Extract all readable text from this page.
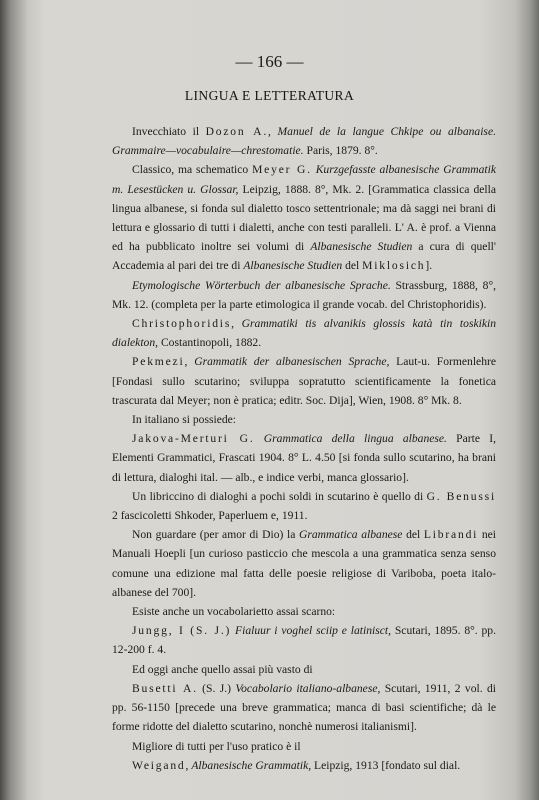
— 166 —
LINGUA E LETTERATURA

Invecchiato il Dozon A., Manuel de la langue Chkipe ou albanaise. Grammaire—vocabulaire—chrestomatie. Paris, 1879. 8°.

Classico, ma schematico Meyer G. Kurzgefasste albanesische Grammatik m. Lesestücken u. Glossar, Leipzig, 1888. 8°, Mk. 2. [Grammatica classica della lingua albanese, si fonda sul dialetto tosco settentrionale; ma dà saggi nei brani di lettura e glossario di tutti i dialetti, anche con testi paralleli. L' A. è prof. a Vienna ed ha pubblicato inoltre sei volumi di Albanesische Studien a cura di quell' Accademia al pari dei tre di Albanesische Studien del Miklosich].

Etymologische Wörterbuch der albanesische Sprache. Strassburg, 1888, 8°, Mk. 12. (completa per la parte etimologica il grande vocab. del Christophoridis).

Christophoridis, Grammatiki tis alvanikis glossis katà tin toskikin dialekton, Costantinopoli, 1882.

Pekmezi, Grammatik der albanesischen Sprache, Laut-u. Formenlehre [Fondasi sullo scutarino; sviluppa sopratutto scientificamente la fonetica trascurata dal Meyer; non è pratica; editr. Soc. Dija], Wien, 1908. 8° Mk. 8.

In italiano si possiede:

Jakova-Merturi G. Grammatica della lingua albanese. Parte I, Elementi Grammatici, Frascati 1904. 8° L. 4.50 [si fonda sullo scutarino, ha brani di lettura, dialoghi ital. — alb., e indice verbi, manca glossario].

Un libriccino di dialoghi a pochi soldi in scutarino è quello di G. Benussi 2 fascicoletti Shkoder, Paperluem e, 1911.

Non guardare (per amor di Dio) la Grammatica albanese del Librandi nei Manuali Hoepli [un curioso pasticcio che mescola a una grammatica senza senso comune una edizione mal fatta delle poesie religiose di Variboba, poeta italo-albanese del 700].

Esiste anche un vocabolarietto assai scarno:

Jungg, I (S. J.) Fialuur i voghel sciip e latinisct, Scutari, 1895. 8°. pp. 12-200 f. 4.

Ed oggi anche quello assai più vasto di

Busetti A. (S. J.) Vocabolario italiano-albanese, Scutari, 1911, 2 vol. di pp. 56-1150 [precede una breve grammatica; manca di basi scientifiche; dà le forme ridotte del dialetto scutarino, nonchè numerosi italianismi].

Migliore di tutti per l'uso pratico è il

Weigand, Albanesische Grammatik, Leipzig, 1913 [fondato sul dial.
